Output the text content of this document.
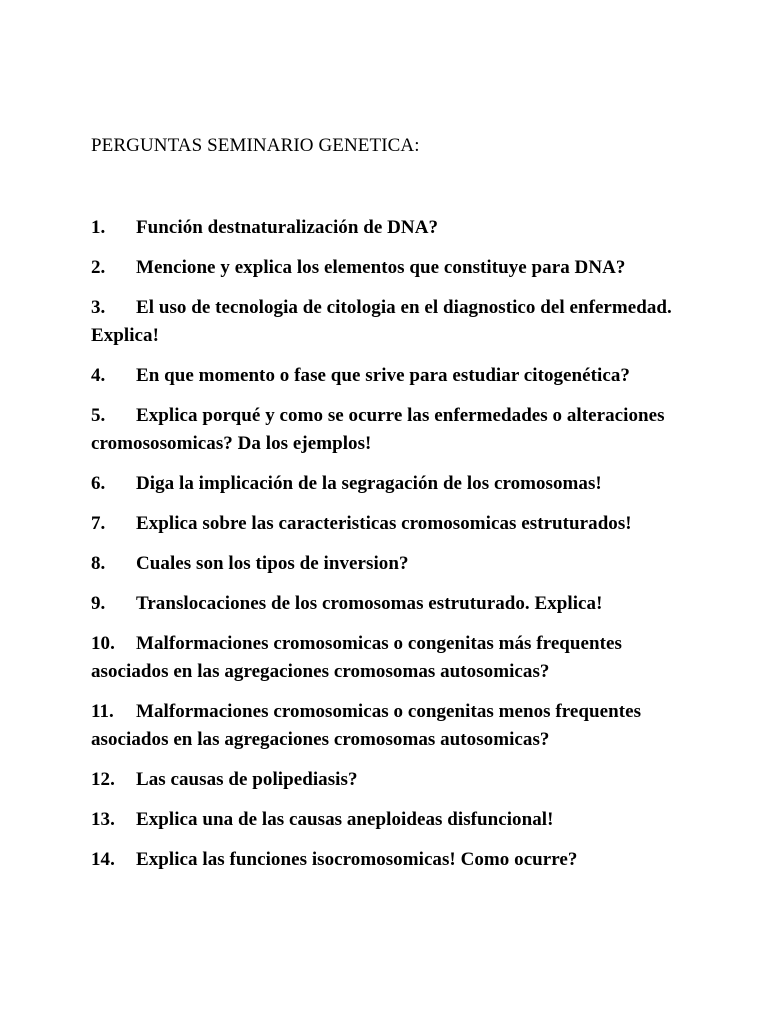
PERGUNTAS SEMINARIO GENETICA:
1. Función destnaturalización de DNA?
2. Mencione y explica los elementos que constituye para DNA?
3. El uso de tecnologia de citologia en el diagnostico del enfermedad. Explica!
4. En que momento o fase que srive para estudiar citogenética?
5. Explica porqué y como se ocurre las enfermedades o alteraciones cromososomicas? Da los ejemplos!
6. Diga la implicación de la segragación de los cromosomas!
7. Explica sobre las caracteristicas cromosomicas estruturados!
8. Cuales son los tipos de inversion?
9. Translocaciones de los cromosomas estruturado. Explica!
10. Malformaciones cromosomicas o congenitas más frequentes asociados en las agregaciones cromosomas autosomicas?
11. Malformaciones cromosomicas o congenitas menos frequentes asociados en las agregaciones cromosomas autosomicas?
12. Las causas de polipediasis?
13. Explica una de las causas aneploideas disfuncional!
14. Explica las funciones isocromosomicas! Como ocurre?
